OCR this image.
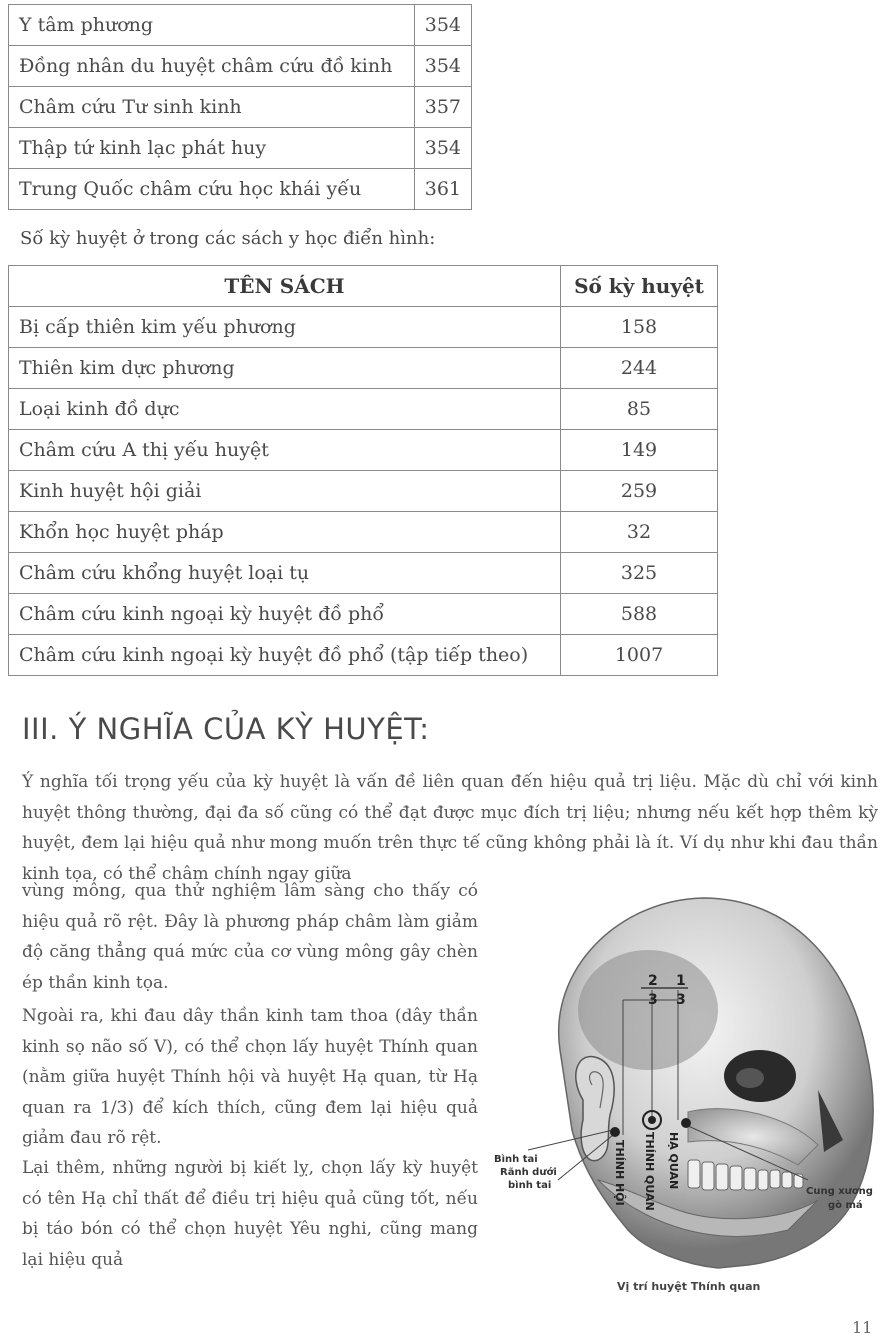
Y tâm phương	354
Đồng nhân du huyệt châm cứu đồ kinh	354
Châm cứu Tư sinh kinh	357
Thập tứ kinh lạc phát huy	354
Trung Quốc châm cứu học khái yếu	361
Số kỳ huyệt ở trong các sách y học điển hình:
TÊN SÁCH	Số kỳ huyệt
Bị cấp thiên kim yếu phương	158
Thiên kim dực phương	244
Loại kinh đồ dực	85
Châm cứu A thị yếu huyệt	149
Kinh huyệt hội giải	259
Khổn học huyệt pháp	32
Châm cứu khổng huyệt loại tụ	325
Châm cứu kinh ngoại kỳ huyệt đồ phổ	588
Châm cứu kinh ngoại kỳ huyệt đồ phổ (tập tiếp theo)	1007
III. Ý NGHĨA CỦA KỲ HUYỆT:
Ý nghĩa tối trọng yếu của kỳ huyệt là vấn đề liên quan đến hiệu quả trị liệu. Mặc dù chỉ với kinh huyệt thông thường, đại đa số cũng có thể đạt được mục đích trị liệu; nhưng nếu kết hợp thêm kỳ huyệt, đem lại hiệu quả như mong muốn trên thực tế cũng không phải là ít. Ví dụ như khi đau thần kinh tọa, có thể châm chính ngay giữa
vùng mông, qua thử nghiệm lâm sàng cho thấy có hiệu quả rõ rệt. Đây là phương pháp châm làm giảm độ căng thẳng quá mức của cơ vùng mông gây chèn ép thần kinh tọa.
Ngoài ra, khi đau dây thần kinh tam thoa (dây thần kinh sọ não số V), có thể chọn lấy huyệt Thính quan (nằm giữa huyệt Thính hội và huyệt Hạ quan, từ Hạ quan ra 1/3) để kích thích, cũng đem lại hiệu quả giảm đau rõ rệt.
Lại thêm, những người bị kiết lỵ, chọn lấy kỳ huyệt có tên Hạ chỉ thất để điều trị hiệu quả cũng tốt, nếu bị táo bón có thể chọn huyệt Yêu nghi, cũng mang lại hiệu quả
2 1
3 3
THÍNH HỘI THÍNH QUAN HẠ QUAN
Bình tai
Rãnh dưới
bình tai
Cung xương
gò má
Vị trí huyệt Thính quan
11
